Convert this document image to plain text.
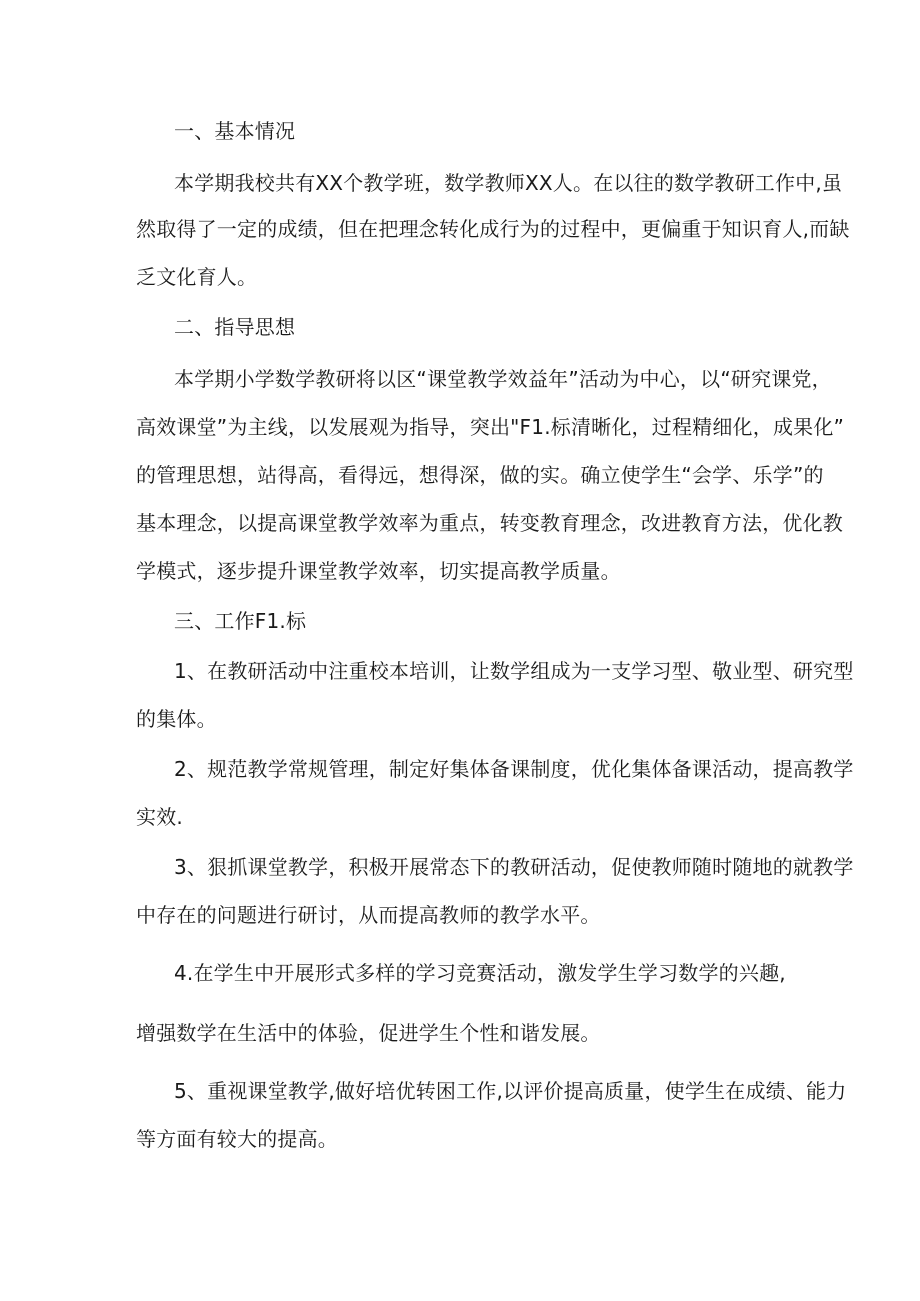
一、基本情况
本学期我校共有XX个教学班，数学教师XX人。在以往的数学教研工作中,虽
然取得了一定的成绩，但在把理念转化成行为的过程中，更偏重于知识育人,而缺
乏文化育人。
二、指导思想
本学期小学数学教研将以区“课堂教学效益年”活动为中心，以“研究课党，
高效课堂”为主线，以发展观为指导，突出"F1.标清晰化，过程精细化，成果化”
的管理思想，站得高，看得远，想得深，做的实。确立使学生“会学、乐学”的
基本理念，以提高课堂教学效率为重点，转变教育理念，改进教育方法，优化教
学模式，逐步提升课堂教学效率，切实提高教学质量。
三、工作F1.标
1、在教研活动中注重校本培训，让数学组成为一支学习型、敬业型、研究型
的集体。
2、规范教学常规管理，制定好集体备课制度，优化集体备课活动，提高教学
实效.
3、狠抓课堂教学，积极开展常态下的教研活动，促使教师随时随地的就教学
中存在的问题进行研讨，从而提高教师的教学水平。
4.在学生中开展形式多样的学习竞赛活动，激发学生学习数学的兴趣,
增强数学在生活中的体验，促进学生个性和谐发展。
5、重视课堂教学,做好培优转困工作,以评价提高质量，使学生在成绩、能力
等方面有较大的提高。
